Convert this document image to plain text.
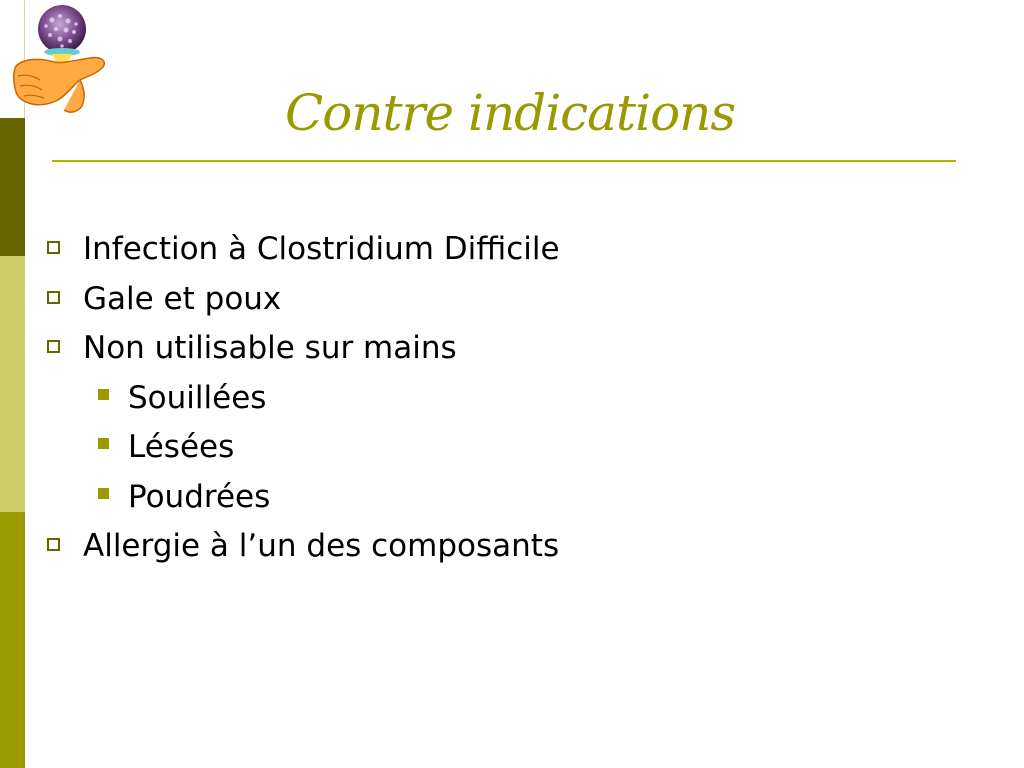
Contre indications
Infection à Clostridium Difficile
Gale et poux
Non utilisable sur mains
Souillées
Lésées
Poudrées
Allergie à l’un des composants
